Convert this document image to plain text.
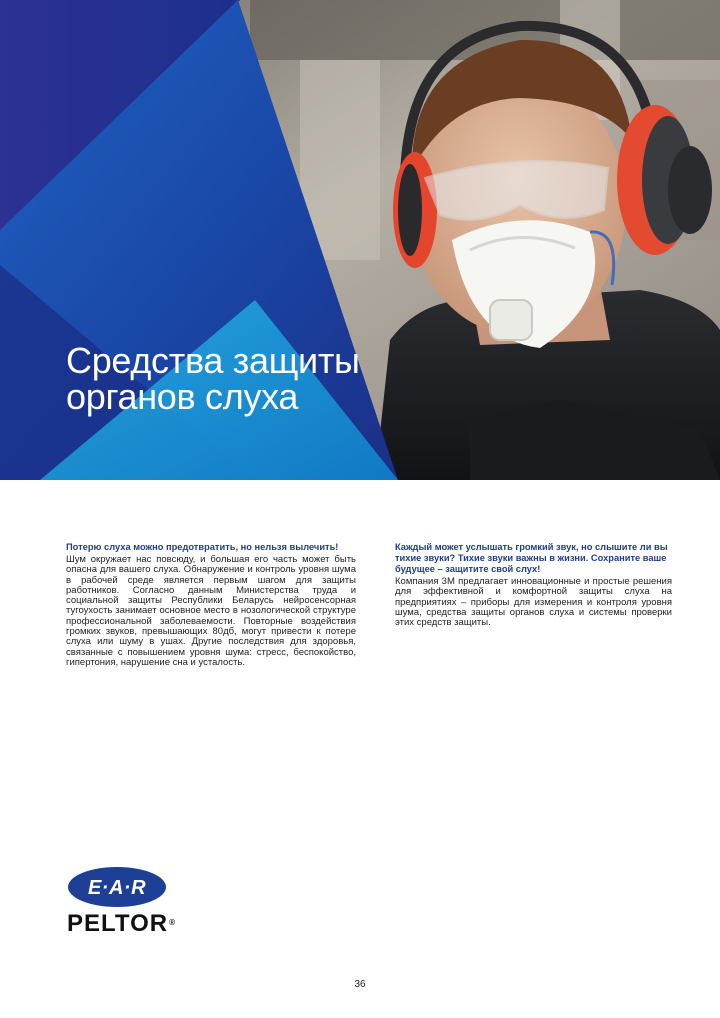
Средства защиты
органов слуха
Потерю слуха можно предотвратить, но нельзя вылечить!

Шум окружает нас повсюду, и большая его часть может быть опасна для вашего слуха. Обнаружение и контроль уровня шума в рабочей среде является первым шагом для защиты работников. Согласно данным Министерства труда и социальной защиты Республики Беларусь нейросенсорная тугоухость занимает основное место в нозологической структуре профессиональной заболеваемости. Повторные воздействия громких звуков, превышающих 80дб, могут привести к потере слуха или шуму в ушах. Другие последствия для здоровья, связанные с повышением уровня шума: стресс, беспокойство, гипертония, нарушение сна и усталость.

Каждый может услышать громкий звук, но слышите ли вы тихие звуки? Тихие звуки важны в жизни. Сохраните ваше будущее – защитите свой слух!

Компания 3M предлагает инновационные и простые решения для эффективной и комфортной защиты слуха на предприятиях – приборы для измерения и контроля уровня шума, средства защиты органов слуха и системы проверки этих средств защиты.

E·A·R
PELTOR®
36
